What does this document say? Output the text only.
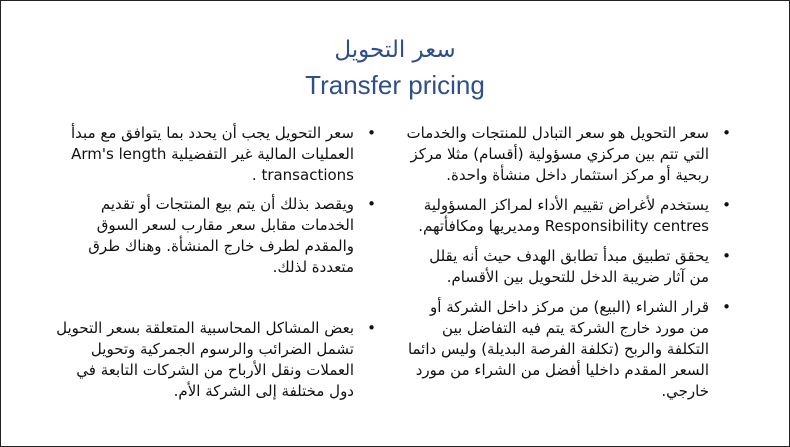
سعر التحويل
Transfer pricing
•
سعر التحويل هو سعر التبادل للمنتجات والخدمات التي تتم بين مركزي مسؤولية (أقسام) مثلا مركز ربحية أو مركز استثمار داخل منشأة واحدة.
•
يستخدم لأغراض تقييم الأداء لمراكز المسؤولية Responsibility centres ومديريها ومكافأتهم.
•
يحقق تطبيق مبدأ تطابق الهدف حيث أنه يقلل من آثار ضريبة الدخل للتحويل بين الأقسام.
•
قرار الشراء (البيع) من مركز داخل الشركة أو من مورد خارج الشركة يتم فيه التفاضل بين التكلفة والربح (تكلفة الفرصة البديلة) وليس دائما السعر المقدم داخليا أفضل من الشراء من مورد خارجي.
•
سعر التحويل يجب أن يحدد بما يتوافق مع مبدأ العمليات المالية غير التفضيلية Arm's length transactions .
•
ويقصد بذلك أن يتم بيع المنتجات أو تقديم الخدمات مقابل سعر مقارب لسعر السوق والمقدم لطرف خارج المنشأة. وهناك طرق متعددة لذلك.
•
بعض المشاكل المحاسبية المتعلقة بسعر التحويل تشمل الضرائب والرسوم الجمركية وتحويل العملات ونقل الأرباح من الشركات التابعة في دول مختلفة إلى الشركة الأم.
